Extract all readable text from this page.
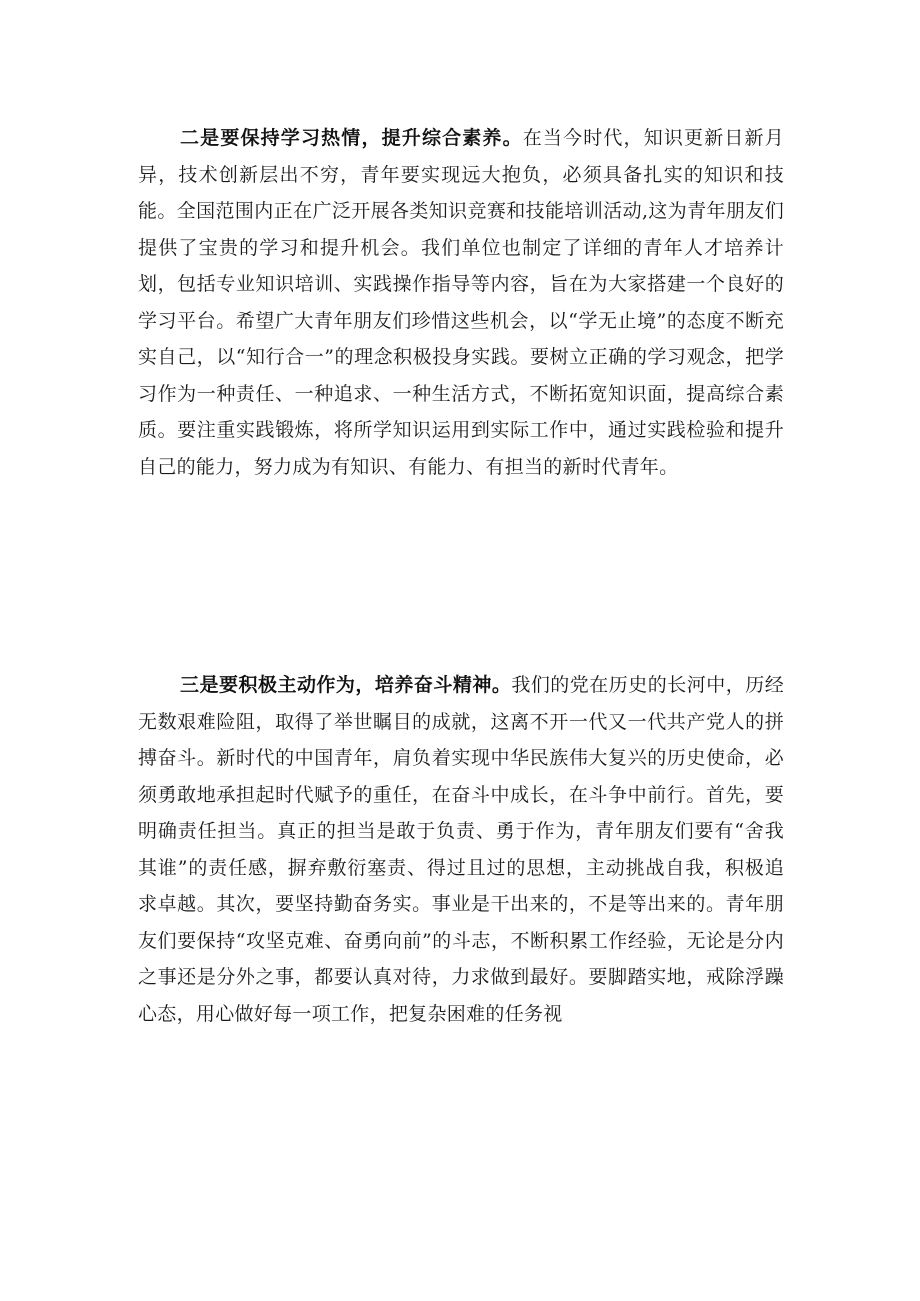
二是要保持学习热情，提升综合素养。在当今时代，知识更新日新月异，技术创新层出不穷，青年要实现远大抱负，必须具备扎实的知识和技能。全国范围内正在广泛开展各类知识竞赛和技能培训活动,这为青年朋友们提供了宝贵的学习和提升机会。我们单位也制定了详细的青年人才培养计划，包括专业知识培训、实践操作指导等内容，旨在为大家搭建一个良好的学习平台。希望广大青年朋友们珍惜这些机会，以“学无止境”的态度不断充实自己，以“知行合一”的理念积极投身实践。要树立正确的学习观念，把学习作为一种责任、一种追求、一种生活方式，不断拓宽知识面，提高综合素质。要注重实践锻炼，将所学知识运用到实际工作中，通过实践检验和提升自己的能力，努力成为有知识、有能力、有担当的新时代青年。

三是要积极主动作为，培养奋斗精神。我们的党在历史的长河中，历经无数艰难险阻，取得了举世瞩目的成就，这离不开一代又一代共产党人的拼搏奋斗。新时代的中国青年，肩负着实现中华民族伟大复兴的历史使命，必须勇敢地承担起时代赋予的重任，在奋斗中成长，在斗争中前行。首先，要明确责任担当。真正的担当是敢于负责、勇于作为，青年朋友们要有“舍我其谁”的责任感，摒弃敷衍塞责、得过且过的思想，主动挑战自我，积极追求卓越。其次，要坚持勤奋务实。事业是干出来的，不是等出来的。青年朋友们要保持“攻坚克难、奋勇向前”的斗志，不断积累工作经验，无论是分内之事还是分外之事，都要认真对待，力求做到最好。要脚踏实地，戒除浮躁心态，用心做好每一项工作，把复杂困难的任务视
